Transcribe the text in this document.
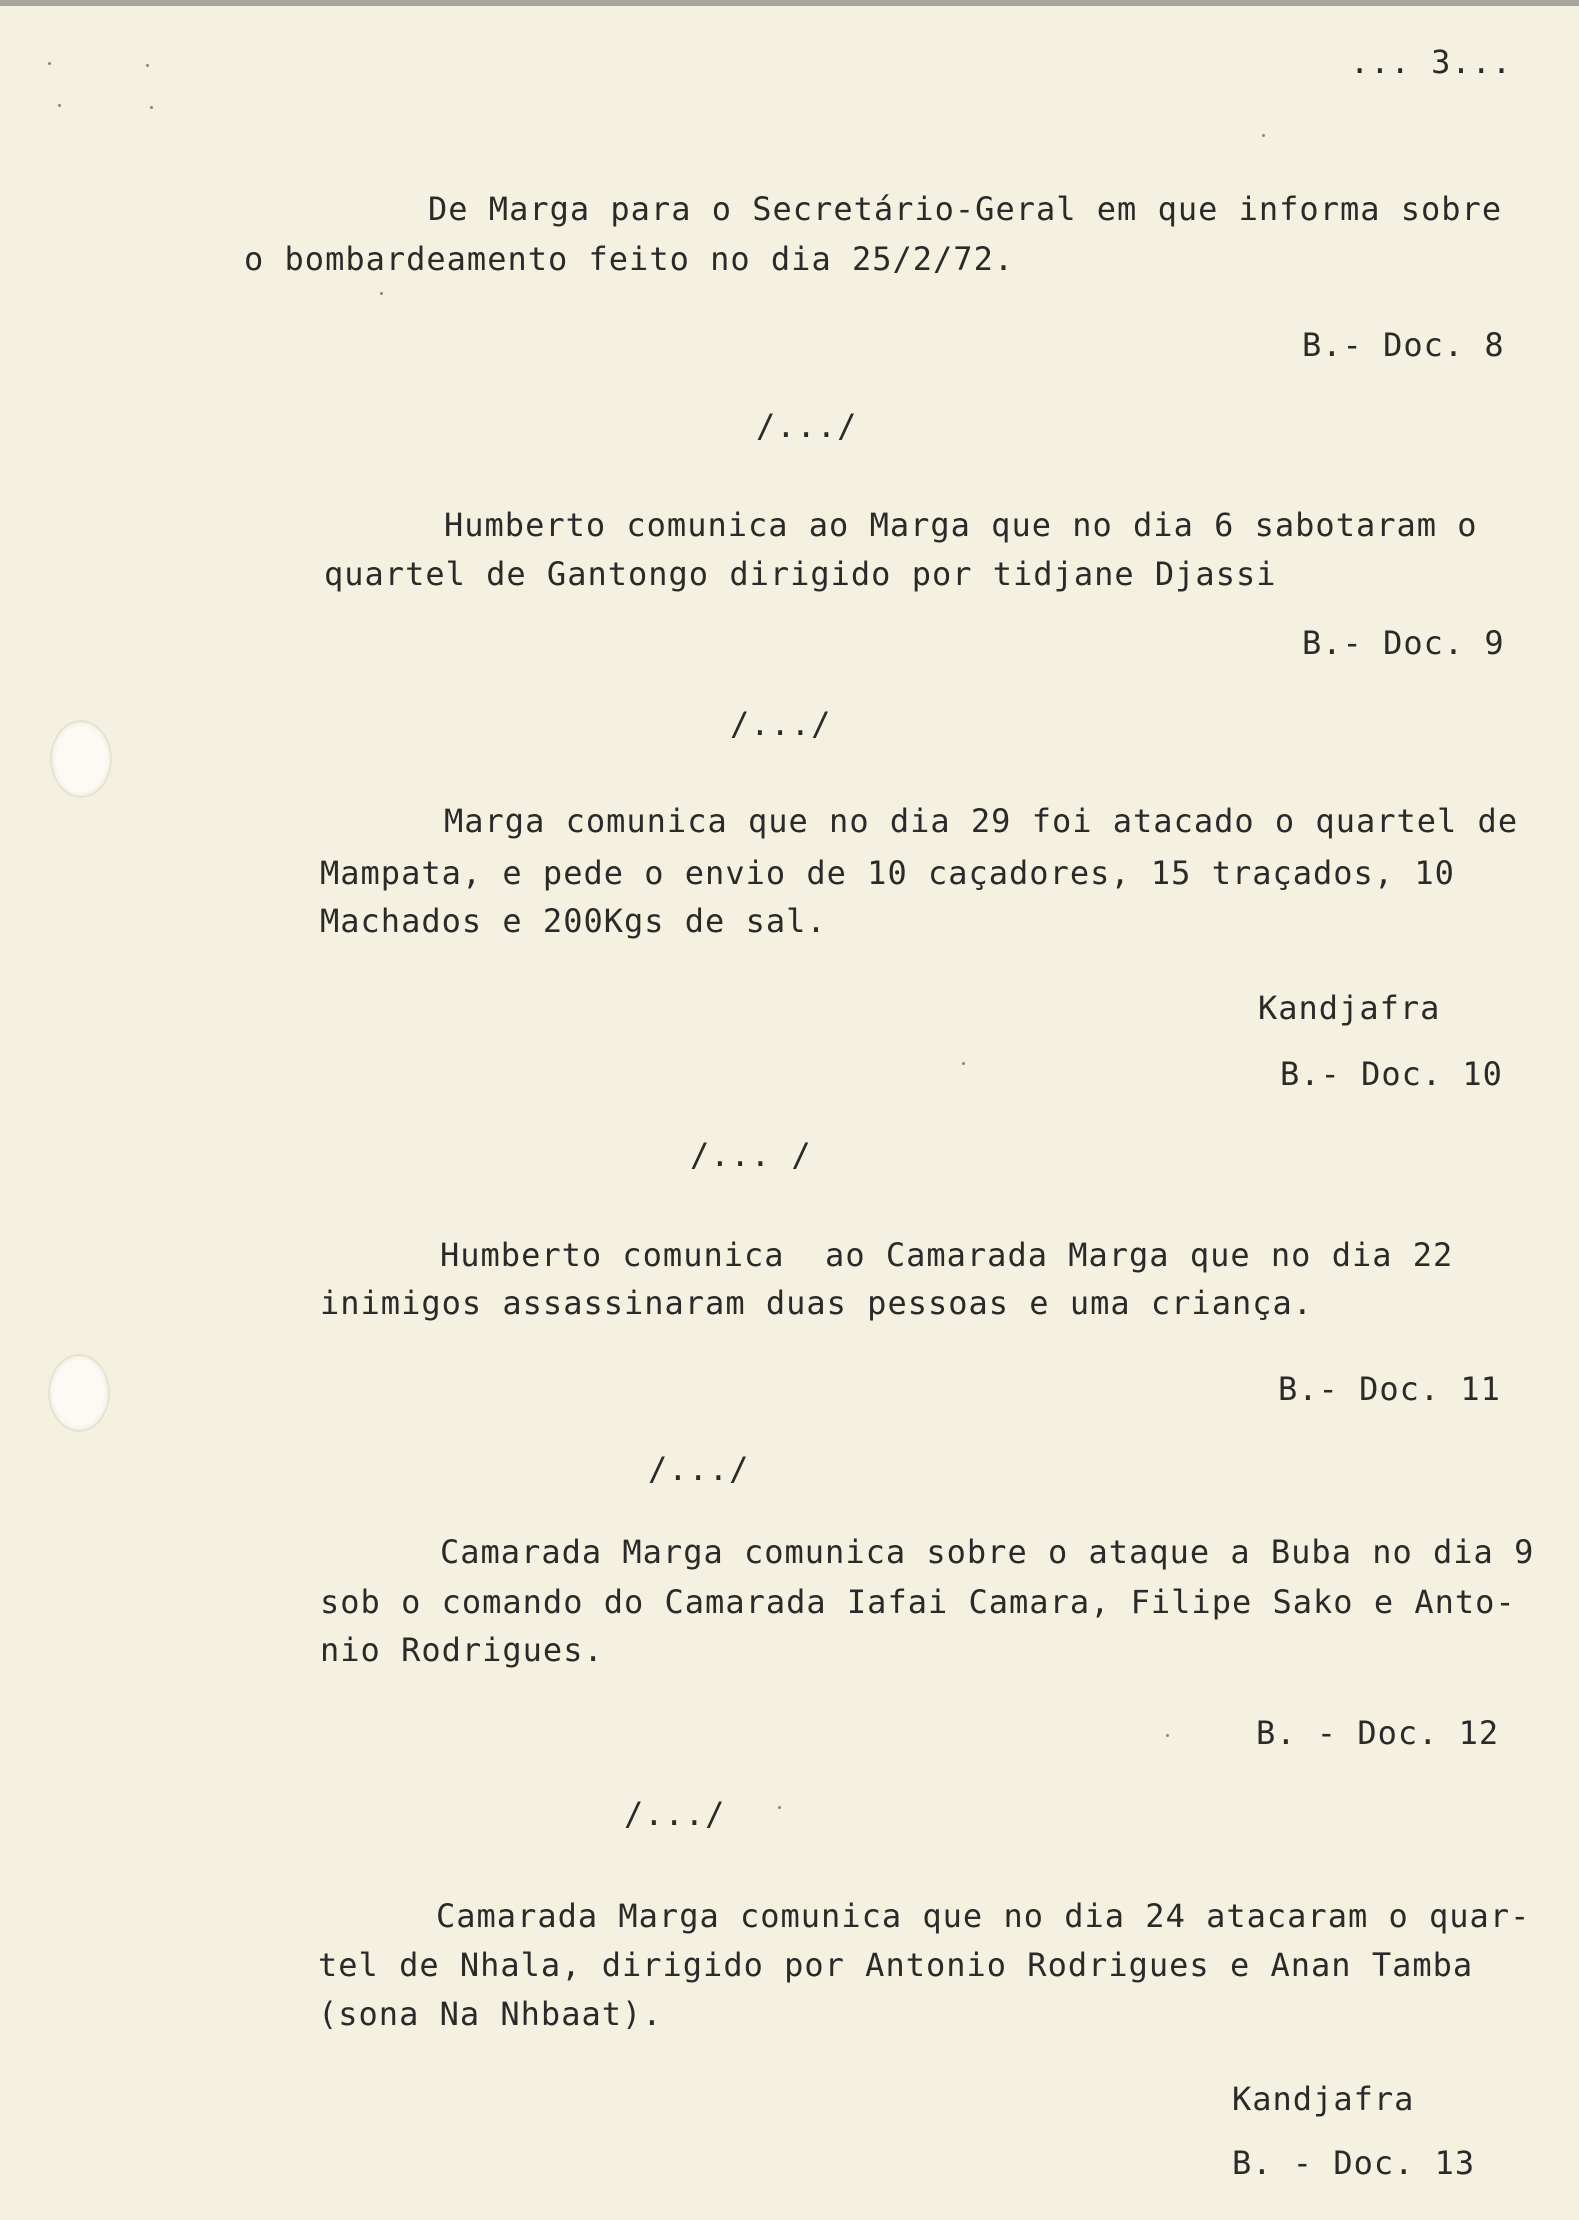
... 3...
De Marga para o Secretário-Geral em que informa sobre
o bombardeamento feito no dia 25/2/72.
B.- Doc. 8
/.../
Humberto comunica ao Marga que no dia 6 sabotaram o
quartel de Gantongo dirigido por tidjane Djassi
B.- Doc. 9
/.../
Marga comunica que no dia 29 foi atacado o quartel de
Mampata, e pede o envio de 10 caçadores, 15 traçados, 10
Machados e 200Kgs de sal.
Kandjafra
B.- Doc. 10
/... /
Humberto comunica  ao Camarada Marga que no dia 22
inimigos assassinaram duas pessoas e uma criança.
B.- Doc. 11
/.../
Camarada Marga comunica sobre o ataque a Buba no dia 9
sob o comando do Camarada Iafai Camara, Filipe Sako e Anto-
nio Rodrigues.
B. - Doc. 12
/.../
Camarada Marga comunica que no dia 24 atacaram o quar-
tel de Nhala, dirigido por Antonio Rodrigues e Anan Tamba
(sona Na Nhbaat).
Kandjafra
B. - Doc. 13
